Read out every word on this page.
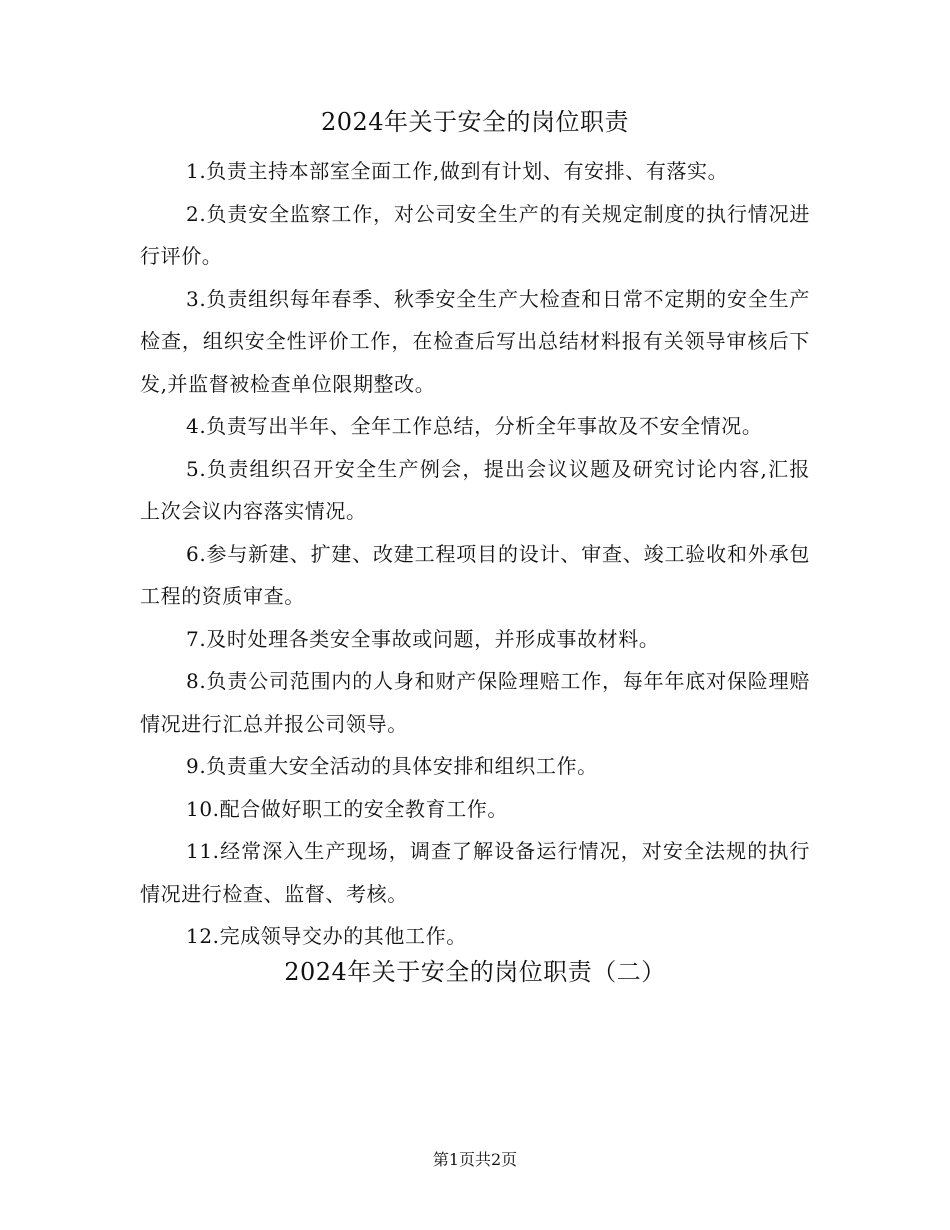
2024年关于安全的岗位职责

1.负责主持本部室全面工作,做到有计划、有安排、有落实。

2.负责安全监察工作，对公司安全生产的有关规定制度的执行情况进行评价。

3.负责组织每年春季、秋季安全生产大检查和日常不定期的安全生产检查，组织安全性评价工作，在检查后写出总结材料报有关领导审核后下发,并监督被检查单位限期整改。

4.负责写出半年、全年工作总结，分析全年事故及不安全情况。

5.负责组织召开安全生产例会，提出会议议题及研究讨论内容,汇报上次会议内容落实情况。

6.参与新建、扩建、改建工程项目的设计、审查、竣工验收和外承包工程的资质审查。

7.及时处理各类安全事故或问题，并形成事故材料。

8.负责公司范围内的人身和财产保险理赔工作，每年年底对保险理赔情况进行汇总并报公司领导。

9.负责重大安全活动的具体安排和组织工作。

10.配合做好职工的安全教育工作。

11.经常深入生产现场，调查了解设备运行情况，对安全法规的执行情况进行检查、监督、考核。

12.完成领导交办的其他工作。

2024年关于安全的岗位职责（二）
第1页共2页
